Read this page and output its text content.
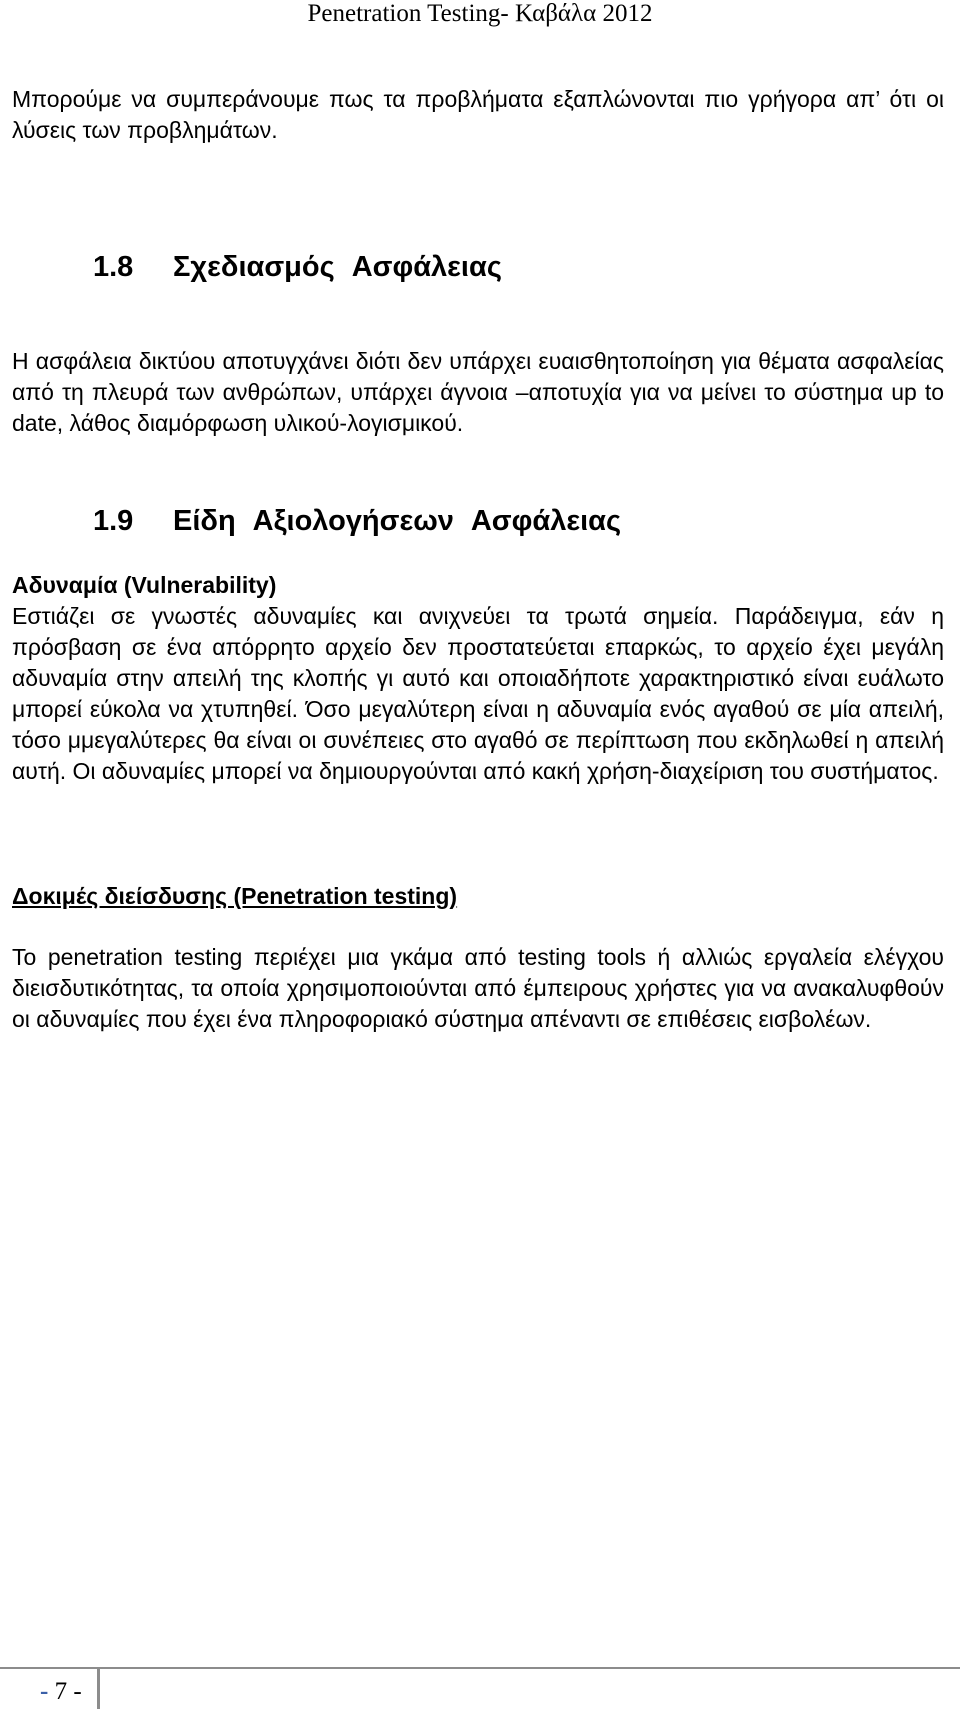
Penetration Testing- Καβάλα 2012

Μπορούμε να συμπεράνουμε πως τα προβλήματα εξαπλώνονται πιο γρήγορα απ’ ότι οι λύσεις των προβλημάτων.

1.8 Σχεδιασμός Ασφάλειας

Η ασφάλεια δικτύου αποτυγχάνει διότι δεν υπάρχει ευαισθητοποίηση για θέματα ασφαλείας από τη πλευρά των ανθρώπων, υπάρχει άγνοια –αποτυχία για να μείνει το σύστημα up to date, λάθος διαμόρφωση υλικού-λογισμικού.

1.9 Είδη Αξιολογήσεων Ασφάλειας
Αδυναμία (Vulnerability)

Εστιάζει σε γνωστές αδυναμίες και ανιχνεύει τα τρωτά σημεία. Παράδειγμα, εάν η πρόσβαση σε ένα απόρρητο αρχείο δεν προστατεύεται επαρκώς, το αρχείο έχει μεγάλη αδυναμία στην απειλή της κλοπής γι αυτό και οποιαδήποτε χαρακτηριστικό είναι ευάλωτο μπορεί εύκολα να χτυπηθεί. Όσο μεγαλύτερη είναι η αδυναμία ενός αγαθού σε μία απειλή, τόσο μμεγαλύτερες θα είναι οι συνέπειες στο αγαθό σε περίπτωση που εκδηλωθεί η απειλή αυτή. Οι αδυναμίες μπορεί να δημιουργούνται από κακή χρήση-διαχείριση του συστήματος.

Δοκιμές διείσδυσης (Penetration testing)

Το penetration testing περιέχει μια γκάμα από testing tools ή αλλιώς εργαλεία ελέγχου διεισδυτικότητας, τα οποία χρησιμοποιούνται από έμπειρους χρήστες για να ανακαλυφθούν οι αδυναμίες που έχει ένα πληροφοριακό σύστημα απέναντι σε επιθέσεις εισβολέων.

- 7 -
